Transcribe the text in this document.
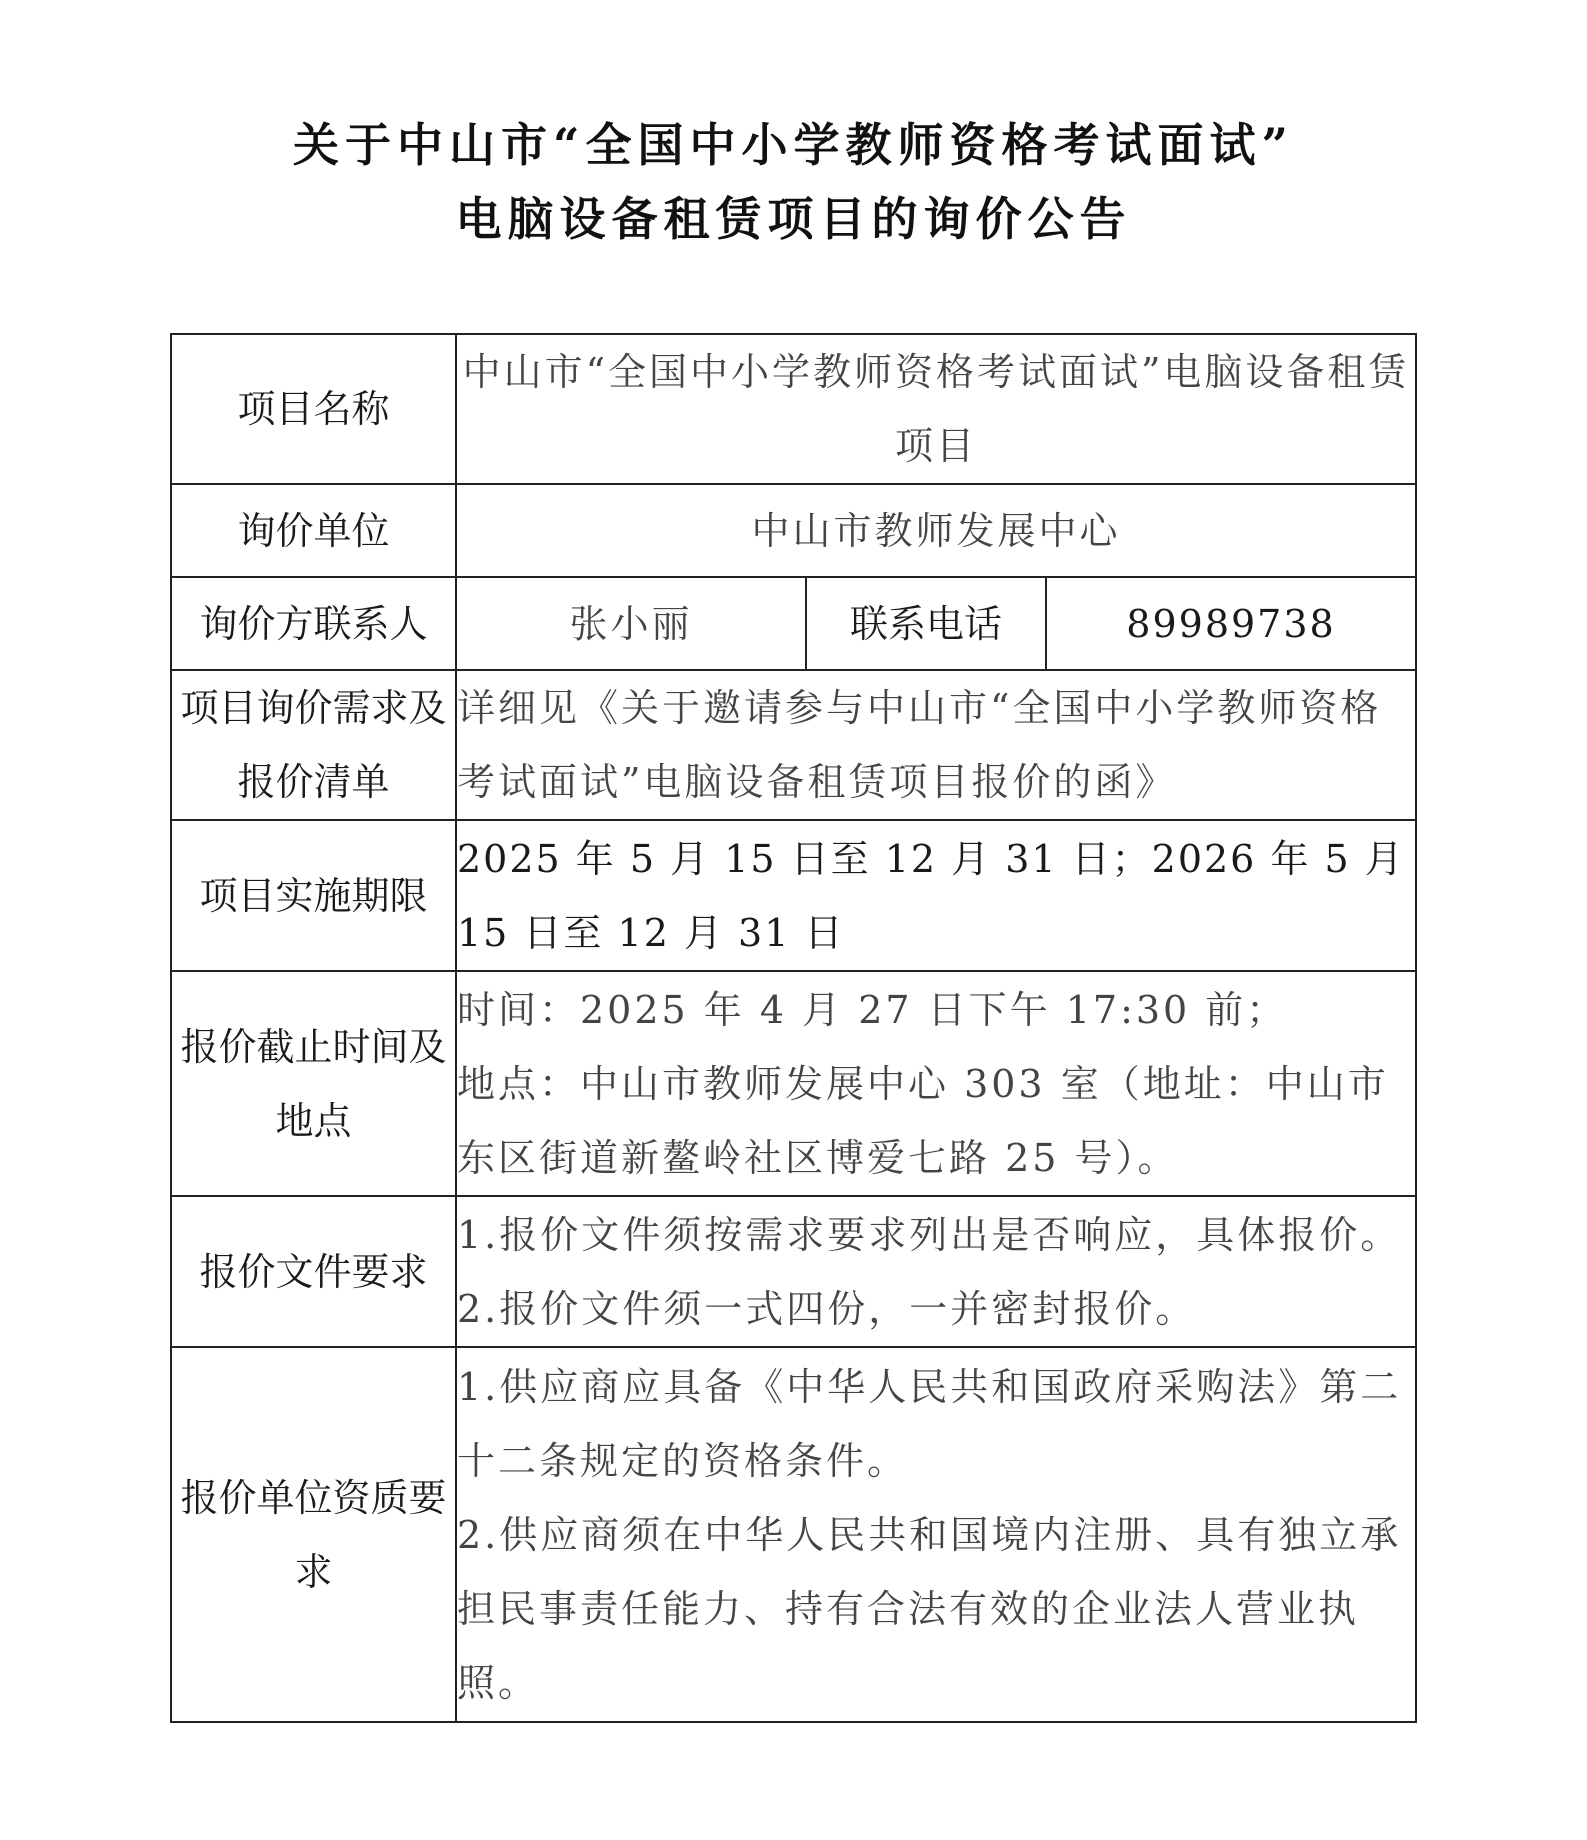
关于中山市“全国中小学教师资格考试面试”
电脑设备租赁项目的询价公告
项目名称	中山市“全国中小学教师资格考试面试”电脑设备租赁项目		
询价单位	中山市教师发展中心		
询价方联系人	张小丽	联系电话	89989738
项目询价需求及报价清单	详细见《关于邀请参与中山市“全国中小学教师资格考试面试”电脑设备租赁项目报价的函》		
项目实施期限	2025 年 5 月 15 日至 12 月 31 日；2026 年 5 月 15 日至 12 月 31 日		
报价截止时间及地点	时间：2025 年 4 月 27 日下午 17:30 前；
地点：中山市教师发展中心 303 室（地址：中山市东区街道新鳌岭社区博爱七路 25 号）。		

报价文件要求	1.报价文件须按需求要求列出是否响应，具体报价。
2.报价文件须一式四份，一并密封报价。		

报价单位资质要求	1.供应商应具备《中华人民共和国政府采购法》第二十二条规定的资格条件。
2.供应商须在中华人民共和国境内注册、具有独立承担民事责任能力、持有合法有效的企业法人营业执照。		
